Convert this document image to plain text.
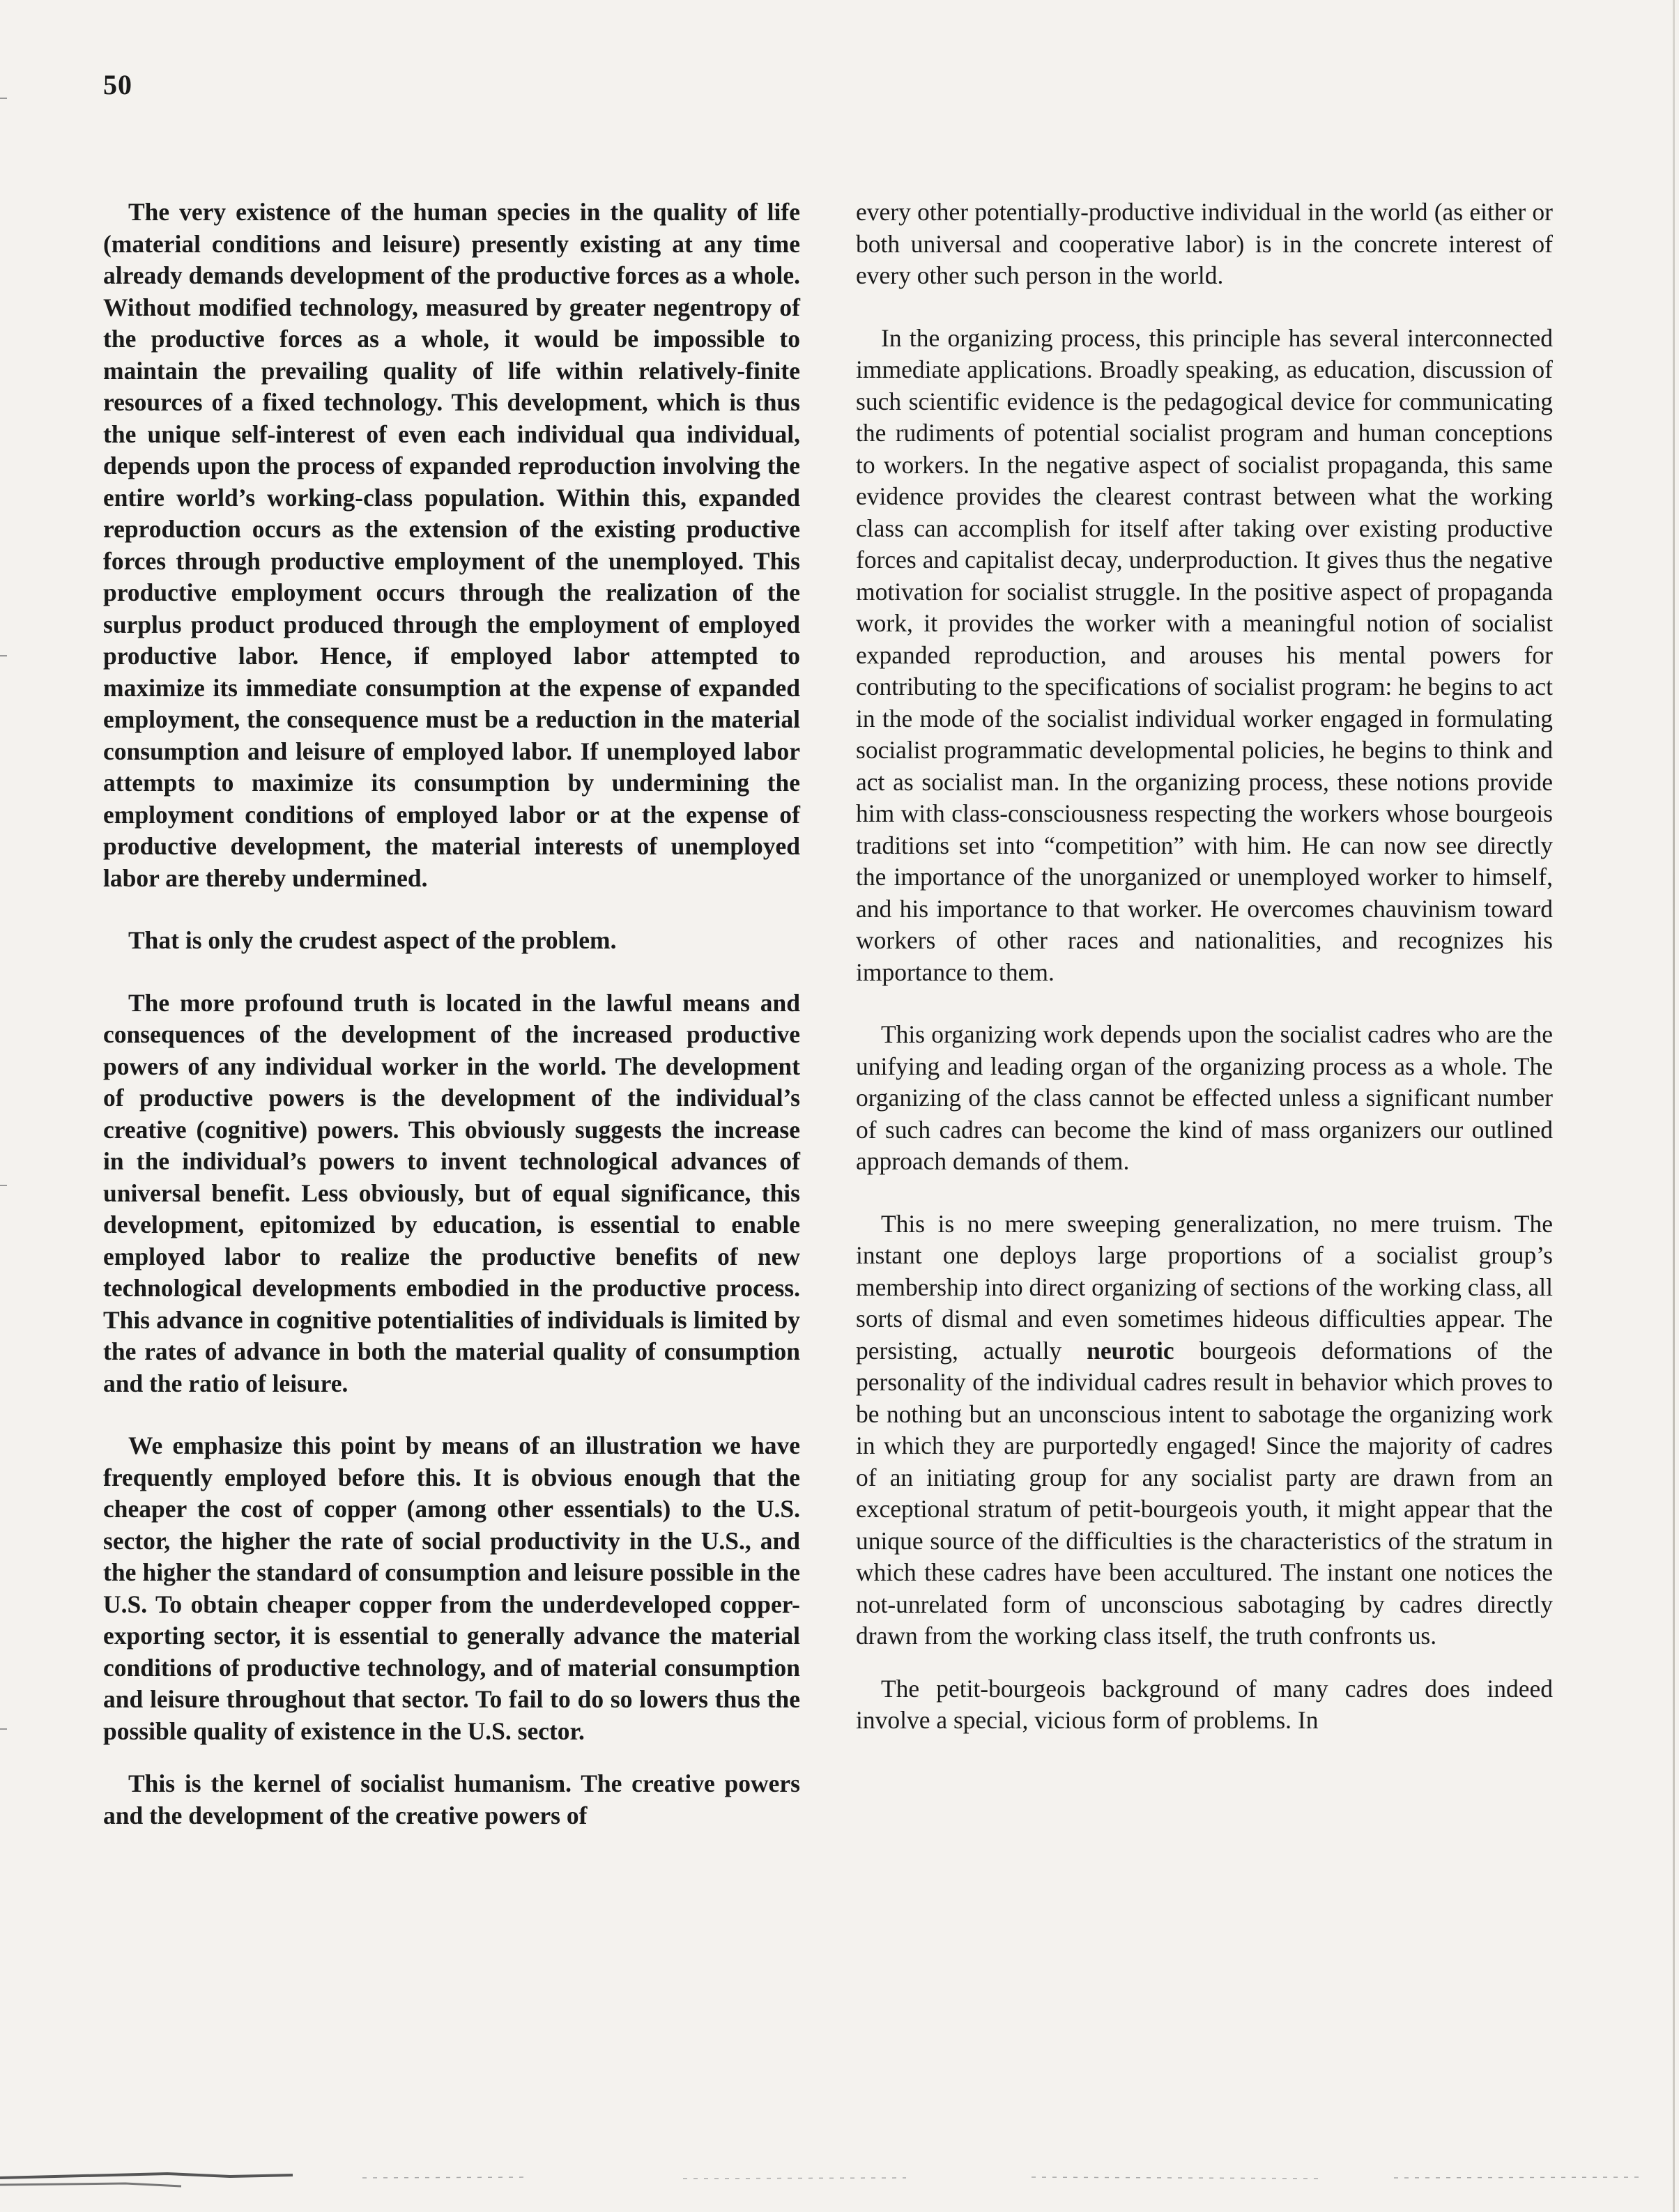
50

The very existence of the human species in the quality of life (material conditions and leisure) presently existing at any time already demands development of the productive forces as a whole. Without modified technology, measured by greater negentropy of the productive forces as a whole, it would be impossible to maintain the prevailing quality of life within relatively-finite resources of a fixed technology. This development, which is thus the unique self-interest of even each individual qua individual, depends upon the process of expanded reproduction involving the entire world’s working-class population. Within this, expanded reproduction occurs as the extension of the existing productive forces through productive employment of the unemployed. This productive employment occurs through the realization of the surplus product produced through the employment of employed productive labor. Hence, if employed labor attempted to maximize its immediate consumption at the expense of expanded employment, the consequence must be a reduction in the material consumption and leisure of employed labor. If unemployed labor attempts to maximize its consumption by undermining the employment conditions of employed labor or at the expense of productive development, the material interests of unemployed labor are thereby undermined.

That is only the crudest aspect of the problem.

The more profound truth is located in the lawful means and consequences of the development of the increased productive powers of any individual worker in the world. The development of productive powers is the development of the individual’s creative (cognitive) powers. This obviously suggests the increase in the individual’s powers to invent technological advances of universal benefit. Less obviously, but of equal significance, this development, epitomized by education, is essential to enable employed labor to realize the productive benefits of new technological developments embodied in the productive process. This advance in cognitive potentialities of individuals is limited by the rates of advance in both the material quality of consumption and the ratio of leisure.

We emphasize this point by means of an illustration we have frequently employed before this. It is obvious enough that the cheaper the cost of copper (among other essentials) to the U.S. sector, the higher the rate of social productivity in the U.S., and the higher the standard of consumption and leisure possible in the U.S. To obtain cheaper copper from the underdeveloped copper-exporting sector, it is essential to generally advance the material conditions of productive technology, and of material consumption and leisure throughout that sector. To fail to do so lowers thus the possible quality of existence in the U.S. sector.

This is the kernel of socialist humanism. The creative powers and the development of the creative powers of

every other potentially-productive individual in the world (as either or both universal and cooperative labor) is in the concrete interest of every other such person in the world.

In the organizing process, this principle has several interconnected immediate applications. Broadly speaking, as education, discussion of such scientific evidence is the pedagogical device for communicating the rudiments of potential socialist program and human conceptions to workers. In the negative aspect of socialist propaganda, this same evidence provides the clearest contrast between what the working class can accomplish for itself after taking over existing productive forces and capitalist decay, underproduction. It gives thus the negative motivation for socialist struggle. In the positive aspect of propaganda work, it provides the worker with a meaningful notion of socialist expanded reproduction, and arouses his mental powers for contributing to the specifications of socialist program: he begins to act in the mode of the socialist individual worker engaged in formulating socialist programmatic developmental policies, he begins to think and act as socialist man. In the organizing process, these notions provide him with class-consciousness respecting the workers whose bourgeois traditions set into “competition” with him. He can now see directly the importance of the unorganized or unemployed worker to himself, and his importance to that worker. He overcomes chauvinism toward workers of other races and nationalities, and recognizes his importance to them.

This organizing work depends upon the socialist cadres who are the unifying and leading organ of the organizing process as a whole. The organizing of the class cannot be effected unless a significant number of such cadres can become the kind of mass organizers our outlined approach demands of them.

This is no mere sweeping generalization, no mere truism. The instant one deploys large proportions of a socialist group’s membership into direct organizing of sections of the working class, all sorts of dismal and even sometimes hideous difficulties appear. The persisting, actually neurotic bourgeois deformations of the personality of the individual cadres result in behavior which proves to be nothing but an unconscious intent to sabotage the organizing work in which they are purportedly engaged! Since the majority of cadres of an initiating group for any socialist party are drawn from an exceptional stratum of petit-bourgeois youth, it might appear that the unique source of the difficulties is the characteristics of the stratum in which these cadres have been accultured. The instant one notices the not-unrelated form of unconscious sabotaging by cadres directly drawn from the working class itself, the truth confronts us.

The petit-bourgeois background of many cadres does indeed involve a special, vicious form of problems. In
